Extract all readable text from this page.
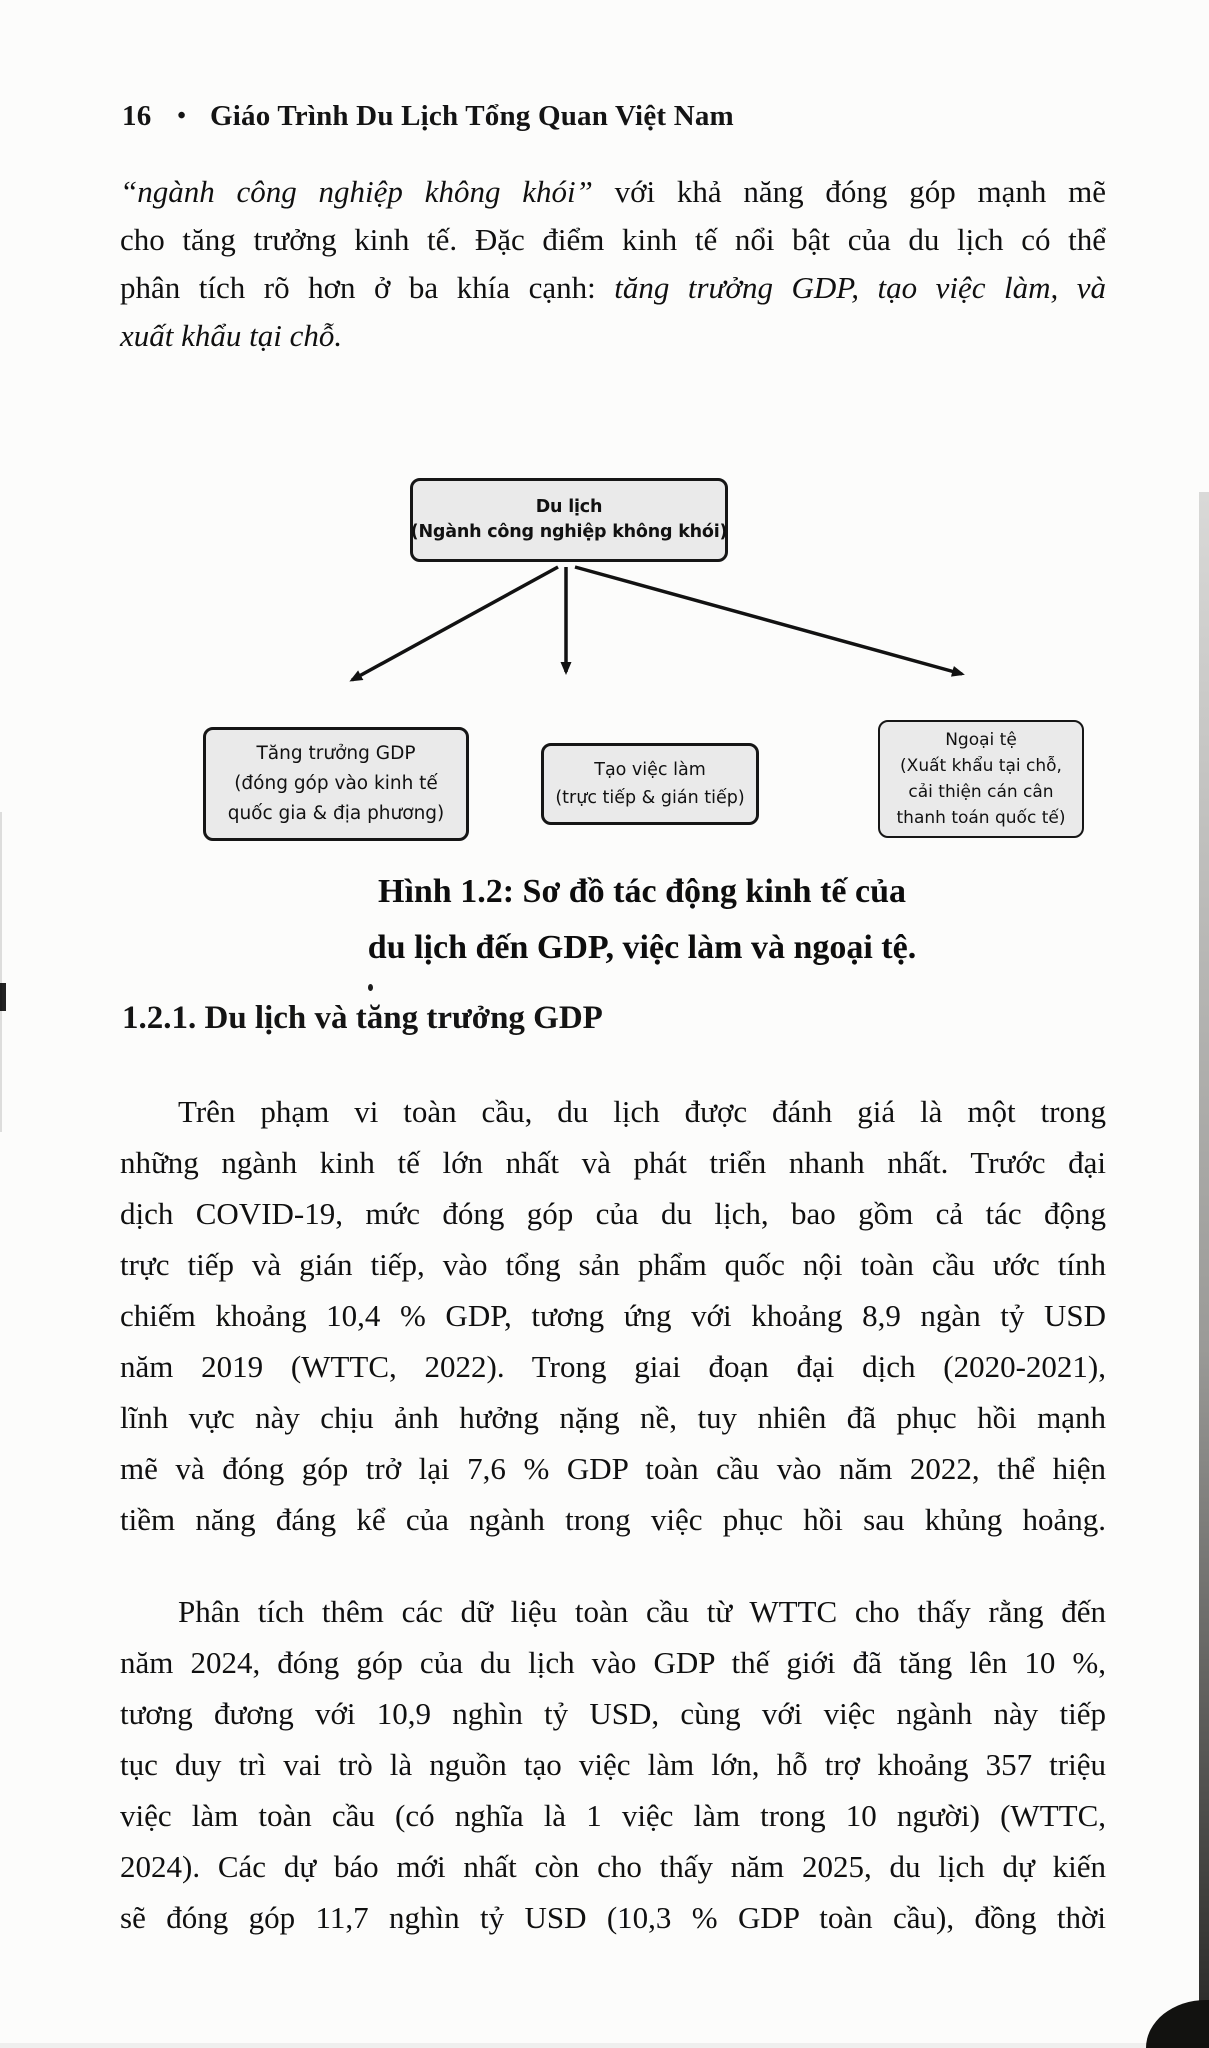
16 • Giáo Trình Du Lịch Tổng Quan Việt Nam
“ngành công nghiệp không khói” với khả năng đóng góp mạnh mẽ
cho tăng trưởng kinh tế. Đặc điểm kinh tế nổi bật của du lịch có thể
phân tích rõ hơn ở ba khía cạnh: tăng trưởng GDP, tạo việc làm, và
xuất khẩu tại chỗ.
Du lịch
(Ngành công nghiệp không khói)
Tăng trưởng GDP
(đóng góp vào kinh tế
quốc gia & địa phương)
Tạo việc làm
(trực tiếp & gián tiếp)
Ngoại tệ
(Xuất khẩu tại chỗ,
cải thiện cán cân
thanh toán quốc tế)
Hình 1.2: Sơ đồ tác động kinh tế của
du lịch đến GDP, việc làm và ngoại tệ.
1.2.1. Du lịch và tăng trưởng GDP
Trên phạm vi toàn cầu, du lịch được đánh giá là một trong
những ngành kinh tế lớn nhất và phát triển nhanh nhất. Trước đại
dịch COVID-19, mức đóng góp của du lịch, bao gồm cả tác động
trực tiếp và gián tiếp, vào tổng sản phẩm quốc nội toàn cầu ước tính
chiếm khoảng 10,4 % GDP, tương ứng với khoảng 8,9 ngàn tỷ USD
năm 2019 (WTTC, 2022). Trong giai đoạn đại dịch (2020-2021),
lĩnh vực này chịu ảnh hưởng nặng nề, tuy nhiên đã phục hồi mạnh
mẽ và đóng góp trở lại 7,6 % GDP toàn cầu vào năm 2022, thể hiện
tiềm năng đáng kể của ngành trong việc phục hồi sau khủng hoảng.
Phân tích thêm các dữ liệu toàn cầu từ WTTC cho thấy rằng đến
năm 2024, đóng góp của du lịch vào GDP thế giới đã tăng lên 10 %,
tương đương với 10,9 nghìn tỷ USD, cùng với việc ngành này tiếp
tục duy trì vai trò là nguồn tạo việc làm lớn, hỗ trợ khoảng 357 triệu
việc làm toàn cầu (có nghĩa là 1 việc làm trong 10 người) (WTTC,
2024). Các dự báo mới nhất còn cho thấy năm 2025, du lịch dự kiến
sẽ đóng góp 11,7 nghìn tỷ USD (10,3 % GDP toàn cầu), đồng thời
